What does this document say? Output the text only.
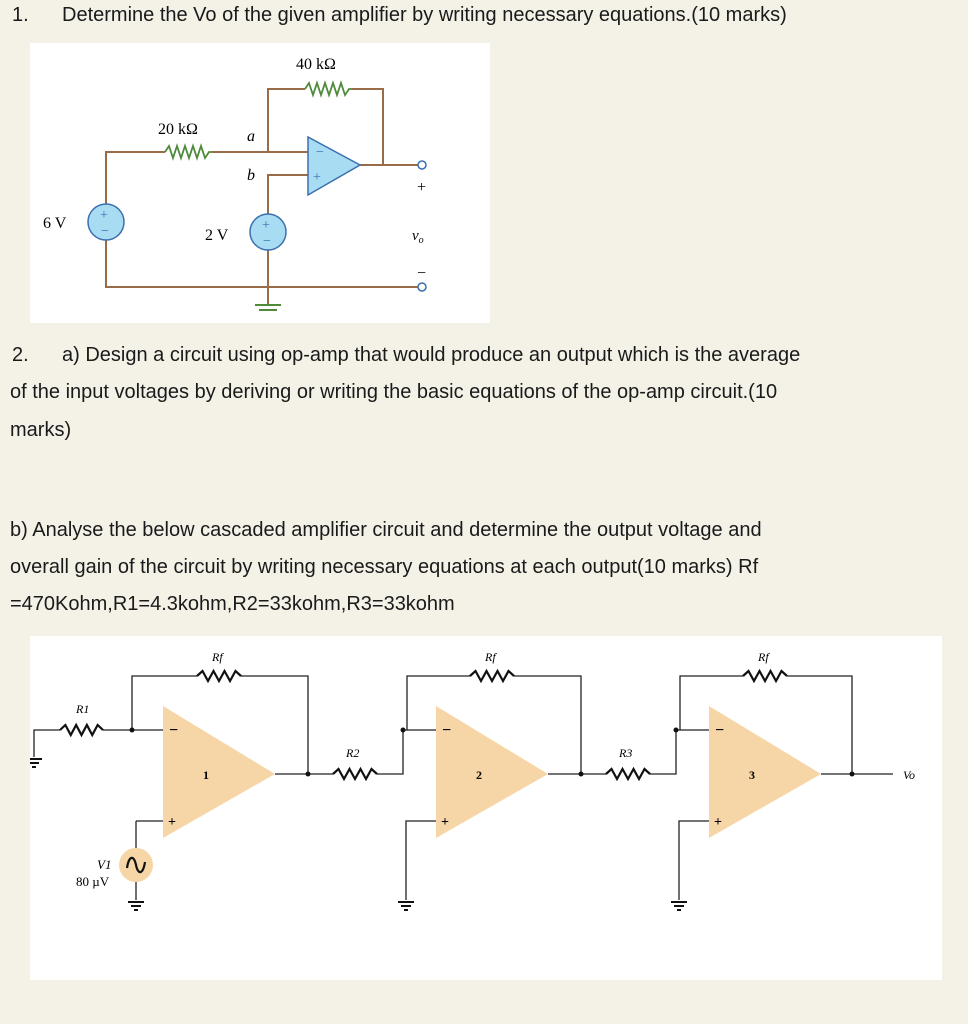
1. Determine the Vo of the given amplifier by writing necessary equations.(10 marks)
−
+
+
−	+
−
40 kΩ
20 kΩ	a
b
6 V
2 V
+
$v_o$
−
2. a) Design a circuit using op-amp that would produce an output which is the average
of the input voltages by deriving or writing the basic equations of the op-amp circuit.(10
marks)
b) Analyse the below cascaded amplifier circuit and determine the output voltage and
overall gain of the circuit by writing necessary equations at each output(10 marks) Rf
=470Kohm,R1=4.3kohm,R2=33kohm,R3=33kohm
−
+
1
−
+
2
−
+
3
R1
R2	R3
Rf	Rf	Rf
V1
80 µV
Vo
